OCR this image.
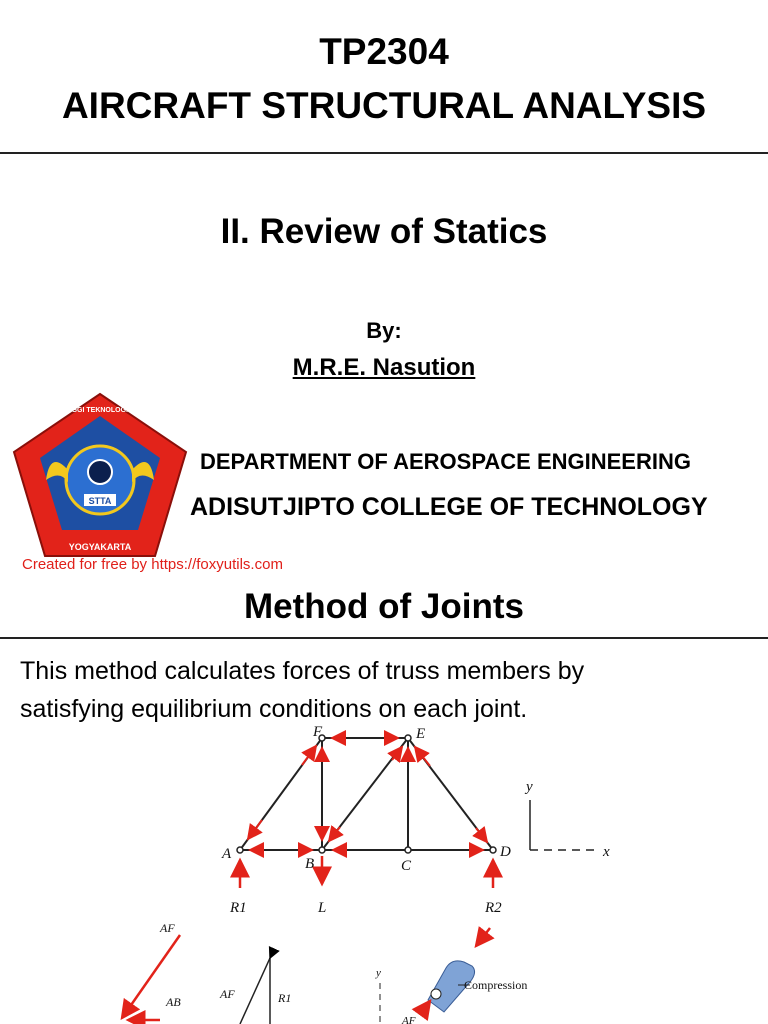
TP2304
AIRCRAFT STRUCTURAL ANALYSIS
II. Review of Statics
By:
M.R.E. Nasution
STTA
YOGYAKARTA
SEKOLAH TINGGI TEKNOLOGI ADISUTJIPTO
DEPARTMENT OF AEROSPACE ENGINEERING
ADISUTJIPTO COLLEGE OF TECHNOLOGY
Created for free by https://foxyutils.com
Method of Joints
This method calculates forces of truss members by
satisfying equilibrium conditions on each joint.
F	E
A
B	C
D
R1	L	R2
y
x
AF
AB
AF	R1
y
Compression
AF
